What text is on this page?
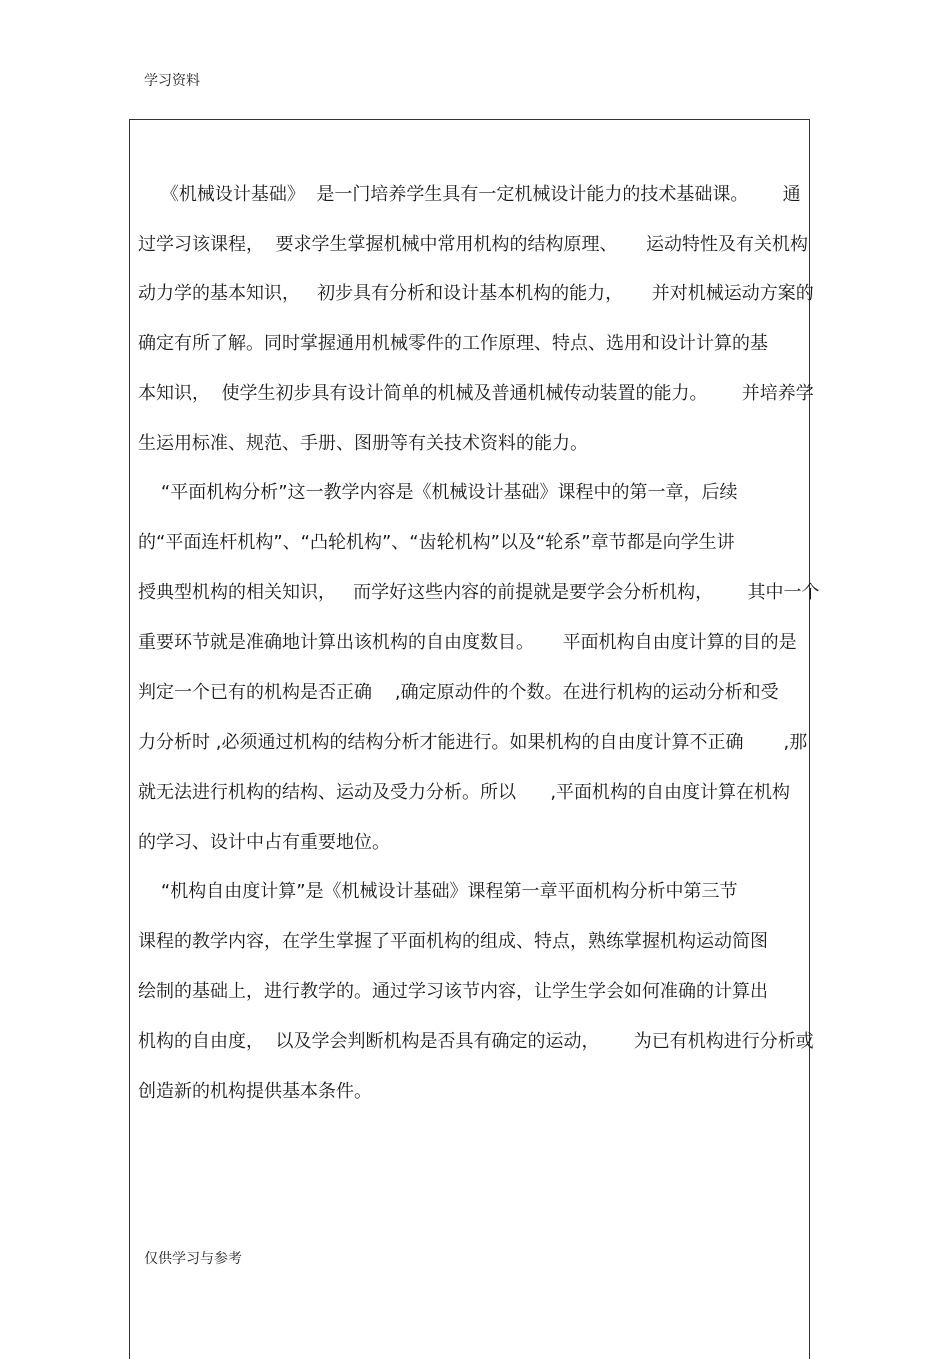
学习资料
《机械设计基础》  是一门培养学生具有一定机械设计能力的技术基础课。      通
过学习该课程，  要求学生掌握机械中常用机构的结构原理、     运动特性及有关机构
动力学的基本知识，   初步具有分析和设计基本机构的能力，     并对机械运动方案的
确定有所了解。同时掌握通用机械零件的工作原理、特点、选用和设计计算的基
本知识，  使学生初步具有设计简单的机械及普通机械传动装置的能力。      并培养学
生运用标准、规范、手册、图册等有关技术资料的能力。
“平面机构分析”这一教学内容是《机械设计基础》课程中的第一章，后续
的“平面连杆机构”、“凸轮机构”、“齿轮机构”以及“轮系”章节都是向学生讲
授典型机构的相关知识，   而学好这些内容的前提就是要学会分析机构，      其中一个
重要环节就是准确地计算出该机构的自由度数目。     平面机构自由度计算的目的是
判定一个已有的机构是否正确    ,确定原动件的个数。在进行机构的运动分析和受
力分析时 ,必须通过机构的结构分析才能进行。如果机构的自由度计算不正确       ,那
就无法进行机构的结构、运动及受力分析。所以      ,平面机构的自由度计算在机构
的学习、设计中占有重要地位。
“机构自由度计算”是《机械设计基础》课程第一章平面机构分析中第三节
课程的教学内容，在学生掌握了平面机构的组成、特点，熟练掌握机构运动简图
绘制的基础上，进行教学的。通过学习该节内容，让学生学会如何准确的计算出
机构的自由度，  以及学会判断机构是否具有确定的运动，      为已有机构进行分析或
创造新的机构提供基本条件。
仅供学习与参考
